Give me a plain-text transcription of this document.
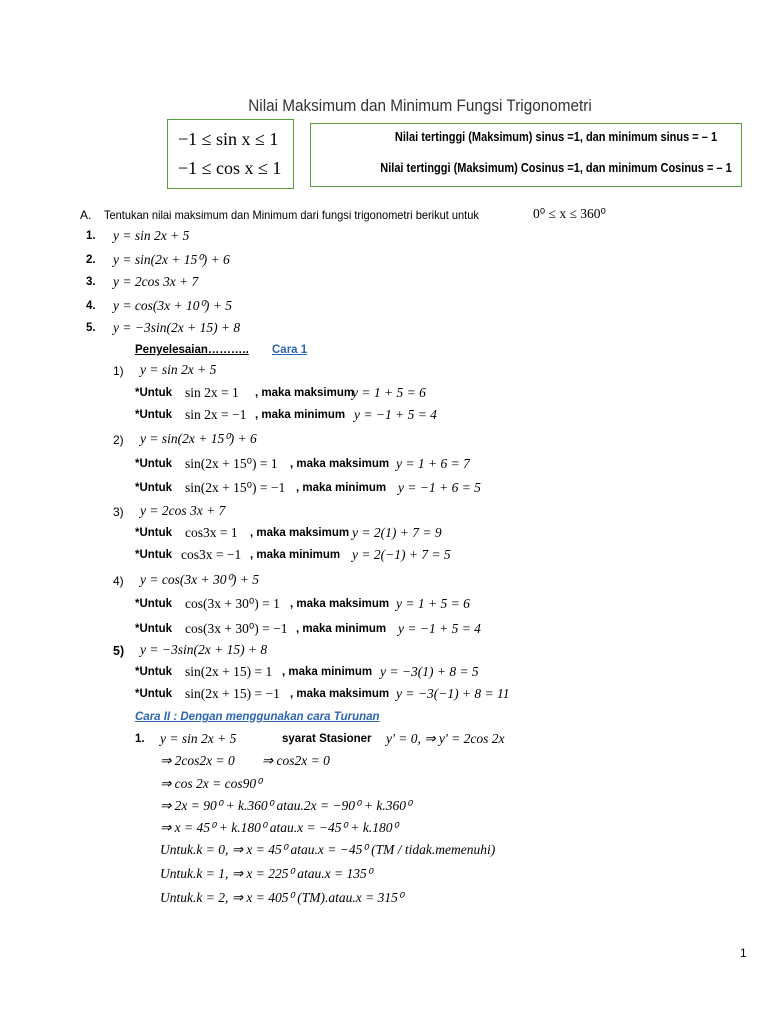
Nilai Maksimum dan Minimum Fungsi Trigonometri
−1 ≤ sin x ≤ 1
−1 ≤ cos x ≤ 1
Nilai tertinggi (Maksimum) sinus =1, dan minimum sinus = – 1
Nilai tertinggi (Maksimum) Cosinus =1, dan minimum Cosinus = – 1
A. Tentukan nilai maksimum dan Minimum dari fungsi trigonometri berikut untuk	0⁰ ≤ x ≤ 360⁰
1. y = sin 2x + 5
2. y = sin(2x + 15⁰) + 6
3. y = 2cos 3x + 7
4. y = cos(3x + 10⁰) + 5
5. y = −3sin(2x + 15) + 8
Penyelesaian……….. Cara 1
1) y = sin 2x + 5
*Untuk sin 2x = 1 , maka maksimum
y = 1 + 5 = 6
*Untuk sin 2x = −1 , maka minimum y = −1 + 5 = 4
2) y = sin(2x + 15⁰) + 6
*Untuk sin(2x + 15⁰) = 1 , maka maksimum y = 1 + 6 = 7
*Untuk sin(2x + 15⁰) = −1 , maka minimum y = −1 + 6 = 5
3) y = 2cos 3x + 7
*Untuk cos3x = 1 , maka maksimum y = 2(1) + 7 = 9
*Untuk cos3x = −1 , maka minimum y = 2(−1) + 7 = 5
4) y = cos(3x + 30⁰) + 5
*Untuk cos(3x + 30⁰) = 1 , maka maksimum y = 1 + 5 = 6
*Untuk cos(3x + 30⁰) = −1 , maka minimum y = −1 + 5 = 4
5) y = −3sin(2x + 15) + 8
*Untuk sin(2x + 15) = 1 , maka minimum y = −3(1) + 8 = 5
*Untuk sin(2x + 15) = −1 , maka maksimum y = −3(−1) + 8 = 11
Cara II : Dengan menggunakan cara Turunan
1. y = sin 2x + 5	syarat Stasioner y' = 0, ⇒ y' = 2cos 2x
⇒ 2cos2x = 0        ⇒ cos2x = 0
⇒ cos 2x = cos90⁰
⇒ 2x = 90⁰ + k.360⁰ atau.2x = −90⁰ + k.360⁰
⇒ x = 45⁰ + k.180⁰ atau.x = −45⁰ + k.180⁰
Untuk.k = 0, ⇒ x = 45⁰ atau.x = −45⁰ (TM / tidak.memenuhi)
Untuk.k = 1, ⇒ x = 225⁰ atau.x = 135⁰
Untuk.k = 2, ⇒ x = 405⁰ (TM).atau.x = 315⁰
1
